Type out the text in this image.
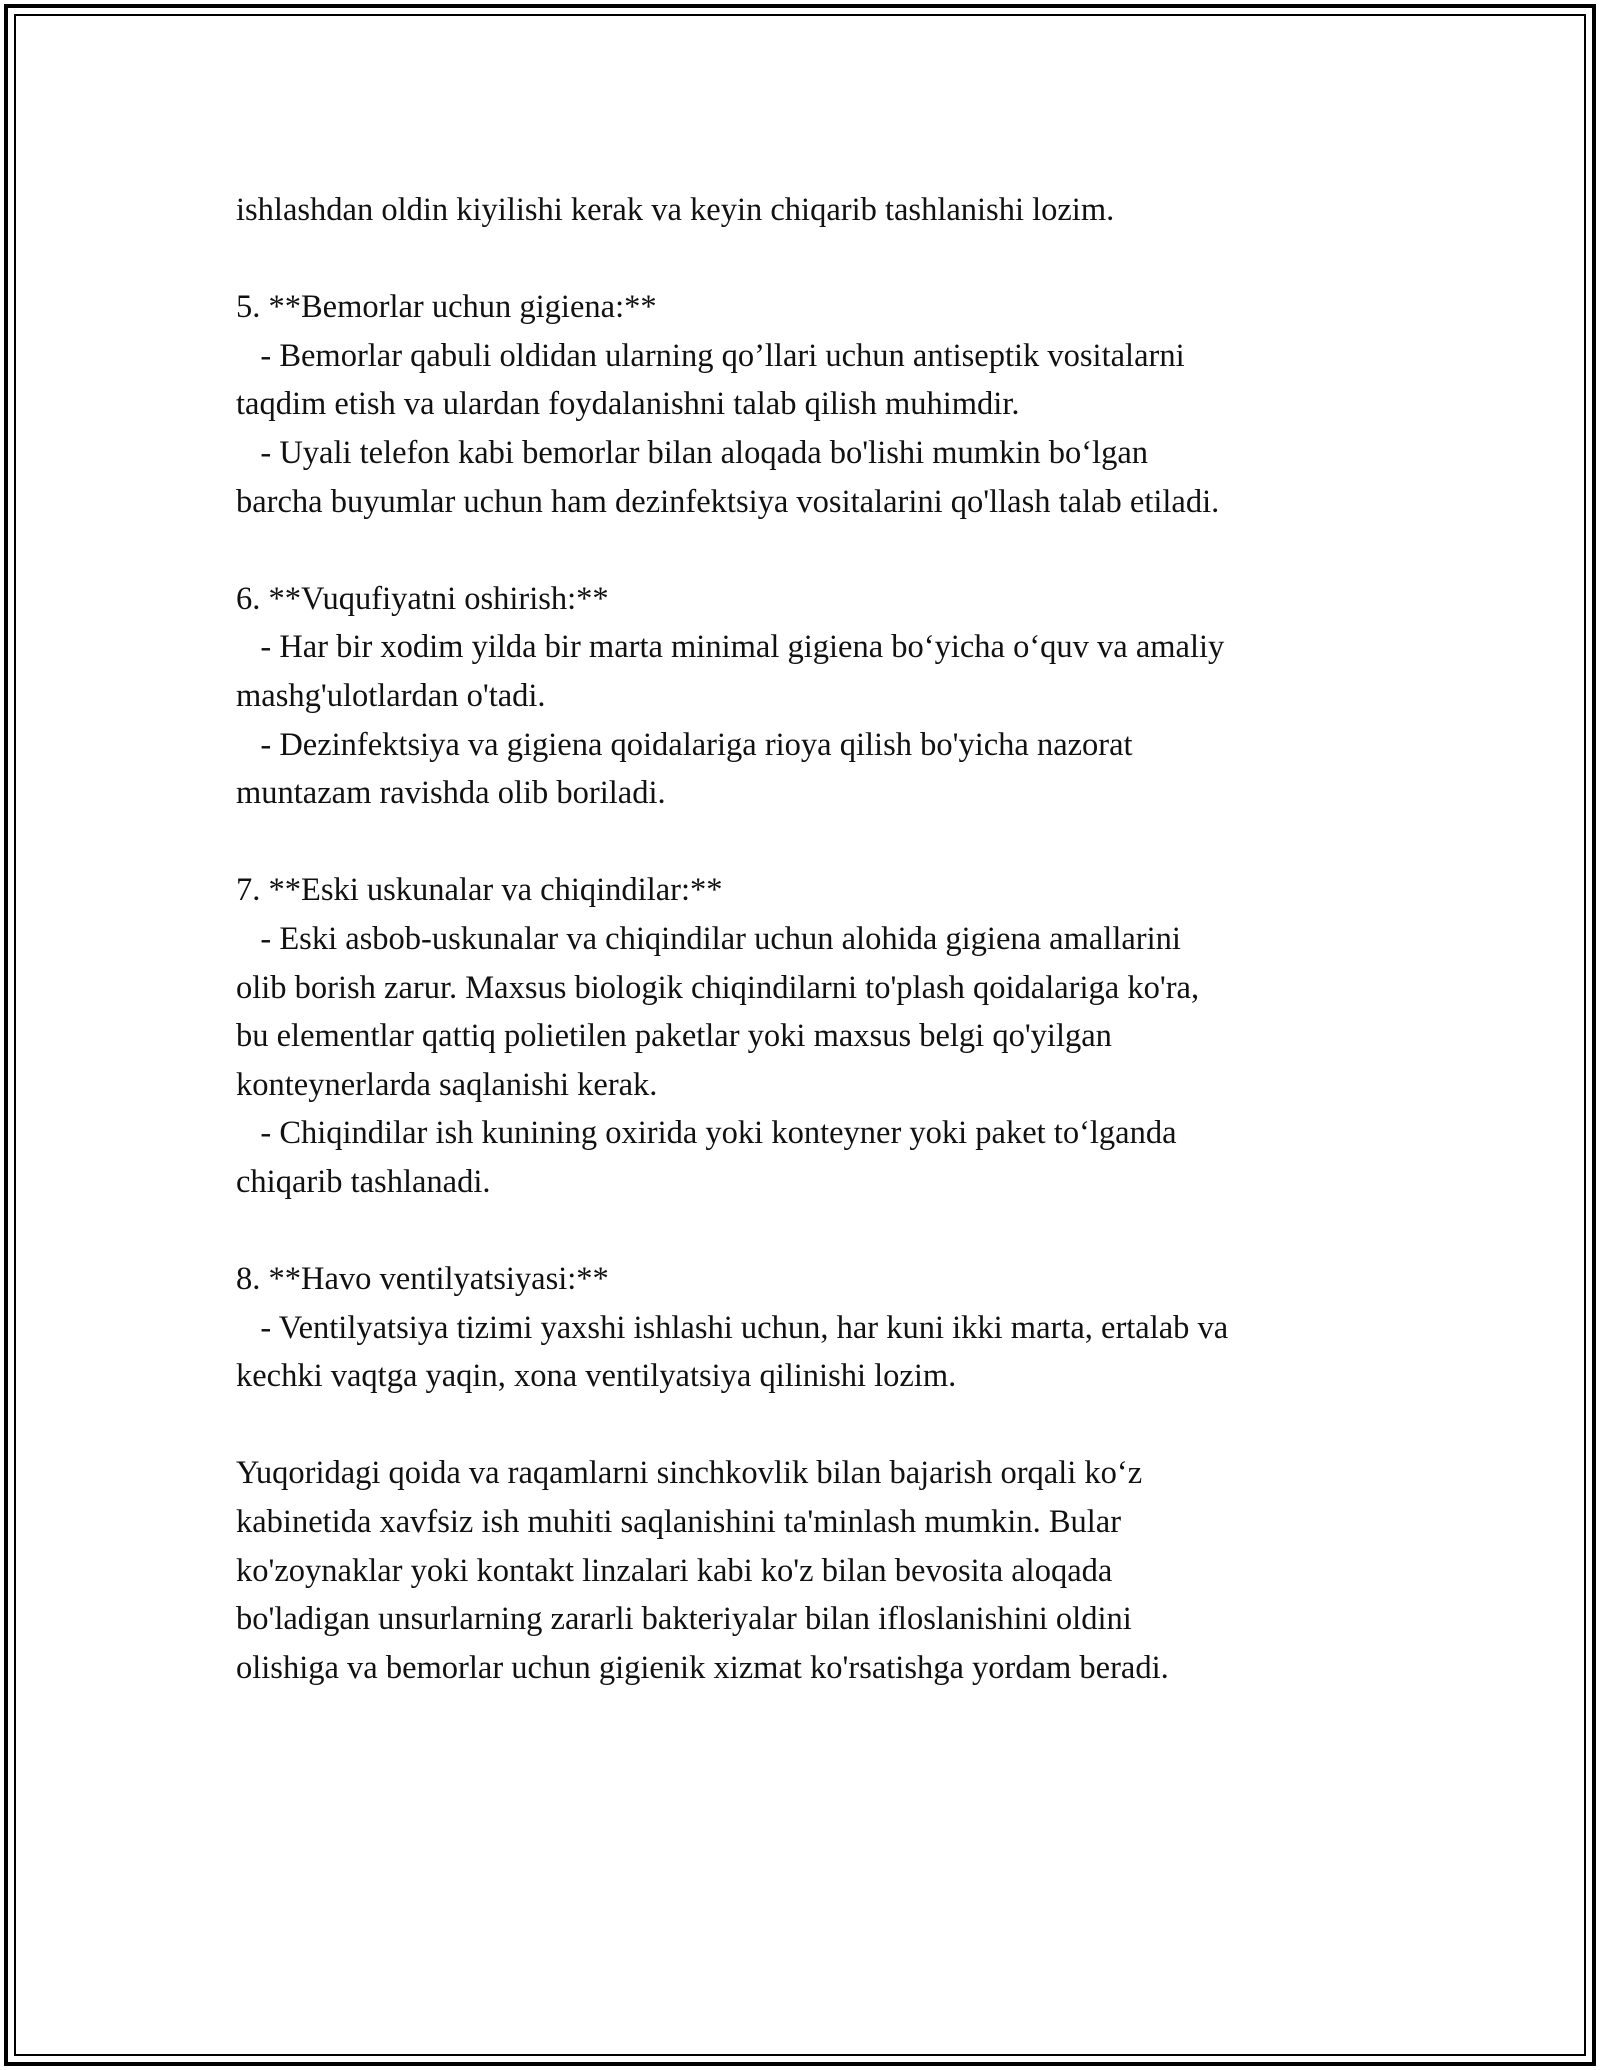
ishlashdan oldin kiyilishi kerak va keyin chiqarib tashlanishi lozim.
5. **Bemorlar uchun gigiena:**
- Bemorlar qabuli oldidan ularning qo’llari uchun antiseptik vositalarni
taqdim etish va ulardan foydalanishni talab qilish muhimdir.
- Uyali telefon kabi bemorlar bilan aloqada bo'lishi mumkin bo‘lgan
barcha buyumlar uchun ham dezinfektsiya vositalarini qo'llash talab etiladi.
6. **Vuqufiyatni oshirish:**
- Har bir xodim yilda bir marta minimal gigiena bo‘yicha o‘quv va amaliy
mashg'ulotlardan o'tadi.
- Dezinfektsiya va gigiena qoidalariga rioya qilish bo'yicha nazorat
muntazam ravishda olib boriladi.
7. **Eski uskunalar va chiqindilar:**
- Eski asbob-uskunalar va chiqindilar uchun alohida gigiena amallarini
olib borish zarur. Maxsus biologik chiqindilarni to'plash qoidalariga ko'ra,
bu elementlar qattiq polietilen paketlar yoki maxsus belgi qo'yilgan
konteynerlarda saqlanishi kerak.
- Chiqindilar ish kunining oxirida yoki konteyner yoki paket to‘lganda
chiqarib tashlanadi.
8. **Havo ventilyatsiyasi:**
- Ventilyatsiya tizimi yaxshi ishlashi uchun, har kuni ikki marta, ertalab va
kechki vaqtga yaqin, xona ventilyatsiya qilinishi lozim.
Yuqoridagi qoida va raqamlarni sinchkovlik bilan bajarish orqali ko‘z
kabinetida xavfsiz ish muhiti saqlanishini ta'minlash mumkin. Bular
ko'zoynaklar yoki kontakt linzalari kabi ko'z bilan bevosita aloqada
bo'ladigan unsurlarning zararli bakteriyalar bilan ifloslanishini oldini
olishiga va bemorlar uchun gigienik xizmat ko'rsatishga yordam beradi.
